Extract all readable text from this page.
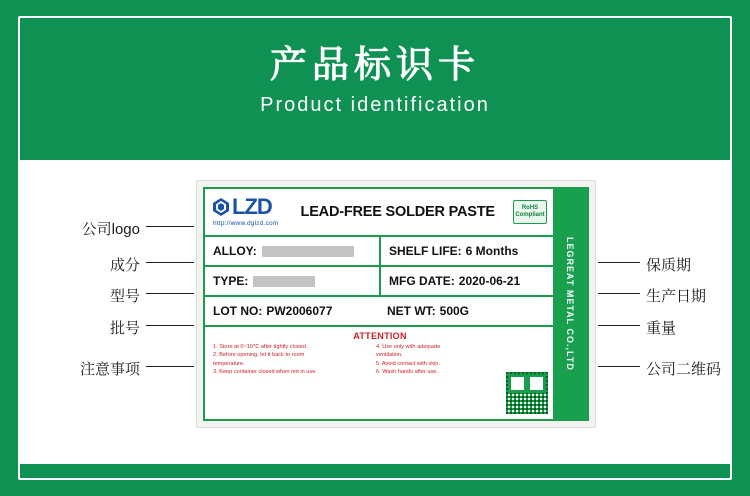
产品标识卡
Product identification
LEGREAT METAL CO.,LTD
LZD
http://www.dglzd.com
LEAD-FREE SOLDER PASTE	RoHS
Compliant
ALLOY:	SHELF LIFE: 6 Months
TYPE:	MFG DATE: 2020-06-21
LOT NO: PW2006077	NET WT: 500G
ATTENTION
1. Store at 0~10℃ after tightly closed.
2. Before opening, let it back to room
temperature.
3. Keep container closed when not in use.
4. Use only with adequate
ventilation.
5. Avoid contact with skin.
6. Wash hands after use.
公司logo
成分
型号
批号
注意事项
保质期
生产日期
重量
公司二维码
